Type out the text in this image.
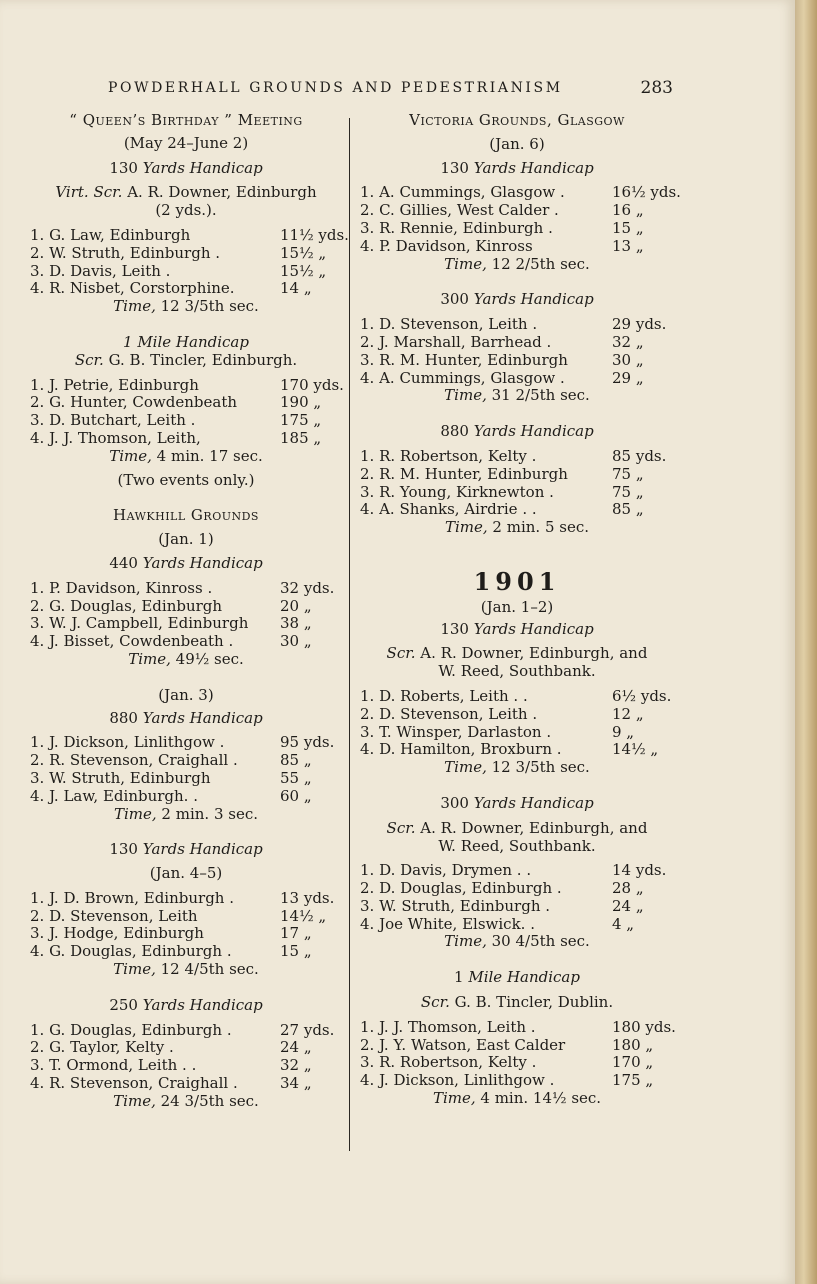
POWDERHALL GROUNDS AND PEDESTRIANISM	283
“ Queen’s Birthday ” Meeting
(May 24–June 2)
130 Yards Handicap
Virt. Scr. A. R. Downer, Edinburgh
(2 yds.).
1. G. Law, Edinburgh	11½ yds.
2. W. Struth, Edinburgh .	15½ „
3. D. Davis, Leith .	15½ „
4. R. Nisbet, Corstorphine.	14 „
Time, 12 3/5th sec.
1 Mile Handicap
Scr. G. B. Tincler, Edinburgh.
1. J. Petrie, Edinburgh	170 yds.
2. G. Hunter, Cowdenbeath	190 „
3. D. Butchart, Leith .	175 „
4. J. J. Thomson, Leith,	185 „
Time, 4 min. 17 sec.
(Two events only.)
Hawkhill Grounds
(Jan. 1)
440 Yards Handicap
1. P. Davidson, Kinross .	32 yds.
2. G. Douglas, Edinburgh	20 „
3. W. J. Campbell, Edinburgh	38 „
4. J. Bisset, Cowdenbeath .	30 „
Time, 49½ sec.
(Jan. 3)
880 Yards Handicap
1. J. Dickson, Linlithgow .	95 yds.
2. R. Stevenson, Craighall .	85 „
3. W. Struth, Edinburgh	55 „
4. J. Law, Edinburgh. .	60 „
Time, 2 min. 3 sec.
130 Yards Handicap
(Jan. 4–5)
1. J. D. Brown, Edinburgh .	13 yds.
2. D. Stevenson, Leith	14½ „
3. J. Hodge, Edinburgh	17 „
4. G. Douglas, Edinburgh .	15 „
Time, 12 4/5th sec.
250 Yards Handicap
1. G. Douglas, Edinburgh .	27 yds.
2. G. Taylor, Kelty .	24 „
3. T. Ormond, Leith . .	32 „
4. R. Stevenson, Craighall .	34 „
Time, 24 3/5th sec.
Victoria Grounds, Glasgow
(Jan. 6)
130 Yards Handicap
1. A. Cummings, Glasgow .	16½ yds.
2. C. Gillies, West Calder .	16 „
3. R. Rennie, Edinburgh .	15 „
4. P. Davidson, Kinross	13 „
Time, 12 2/5th sec.
300 Yards Handicap
1. D. Stevenson, Leith .	29 yds.
2. J. Marshall, Barrhead .	32 „
3. R. M. Hunter, Edinburgh	30 „
4. A. Cummings, Glasgow .	29 „
Time, 31 2/5th sec.
880 Yards Handicap
1. R. Robertson, Kelty .	85 yds.
2. R. M. Hunter, Edinburgh	75 „
3. R. Young, Kirknewton .	75 „
4. A. Shanks, Airdrie . .	85 „
Time, 2 min. 5 sec.
1901
(Jan. 1–2)
130 Yards Handicap
Scr. A. R. Downer, Edinburgh, and
W. Reed, Southbank.
1. D. Roberts, Leith . .	6½ yds.
2. D. Stevenson, Leith .	12 „
3. T. Winsper, Darlaston .	9 „
4. D. Hamilton, Broxburn .	14½ „
Time, 12 3/5th sec.
300 Yards Handicap
Scr. A. R. Downer, Edinburgh, and
W. Reed, Southbank.
1. D. Davis, Drymen . .	14 yds.
2. D. Douglas, Edinburgh .	28 „
3. W. Struth, Edinburgh .	24 „
4. Joe White, Elswick. .	4 „
Time, 30 4/5th sec.
1 Mile Handicap
Scr. G. B. Tincler, Dublin.
1. J. J. Thomson, Leith .	180 yds.
2. J. Y. Watson, East Calder	180 „
3. R. Robertson, Kelty .	170 „
4. J. Dickson, Linlithgow .	175 „
Time, 4 min. 14½ sec.
